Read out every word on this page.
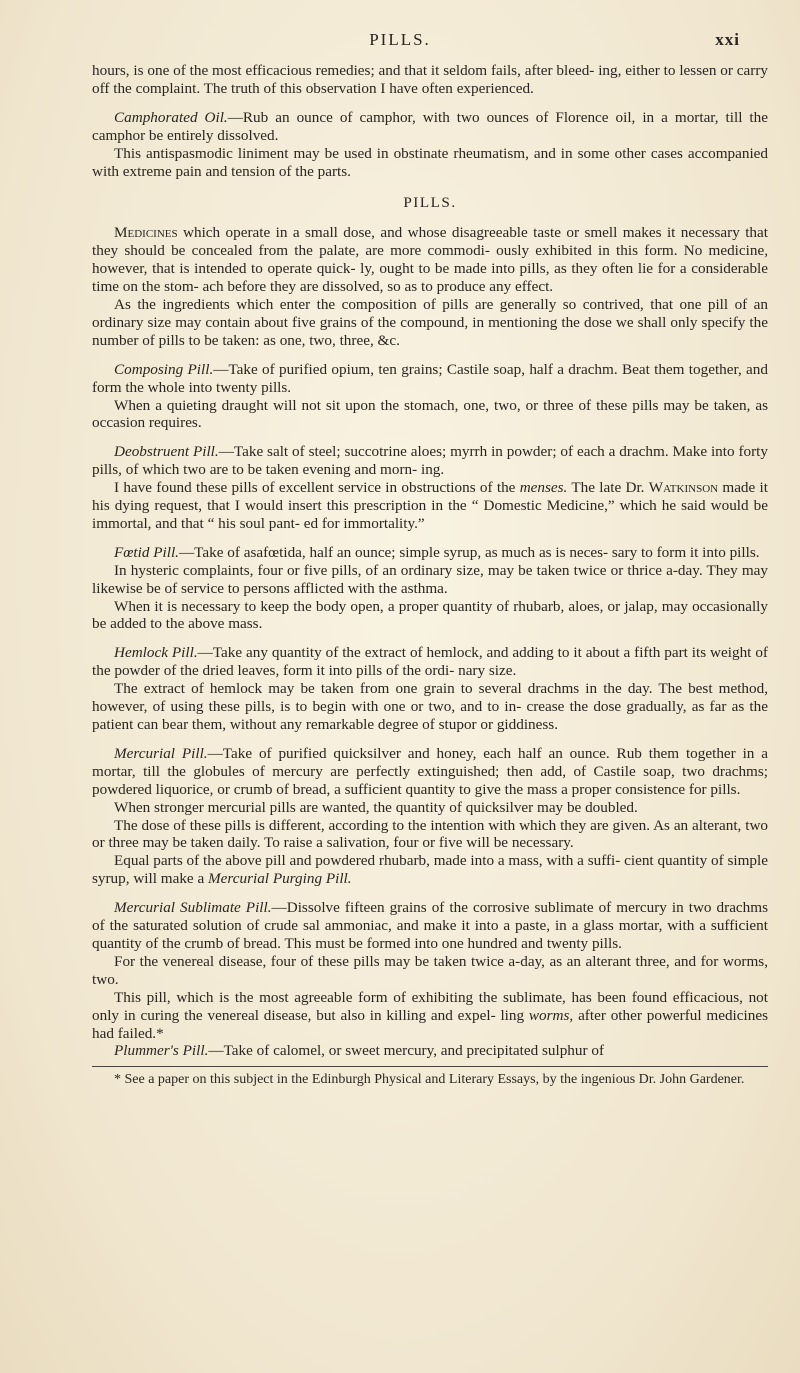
PILLS.	xxi

hours, is one of the most efficacious remedies; and that it seldom fails, after bleed- ing, either to lessen or carry off the complaint. The truth of this observation I have often experienced.

Camphorated Oil.—Rub an ounce of camphor, with two ounces of Florence oil, in a mortar, till the camphor be entirely dissolved.

This antispasmodic liniment may be used in obstinate rheumatism, and in some other cases accompanied with extreme pain and tension of the parts.

PILLS.

Medicines which operate in a small dose, and whose disagreeable taste or smell makes it necessary that they should be concealed from the palate, are more commodi- ously exhibited in this form. No medicine, however, that is intended to operate quick- ly, ought to be made into pills, as they often lie for a considerable time on the stom- ach before they are dissolved, so as to produce any effect.

As the ingredients which enter the composition of pills are generally so contrived, that one pill of an ordinary size may contain about five grains of the compound, in mentioning the dose we shall only specify the number of pills to be taken: as one, two, three, &c.

Composing Pill.—Take of purified opium, ten grains; Castile soap, half a drachm. Beat them together, and form the whole into twenty pills.

When a quieting draught will not sit upon the stomach, one, two, or three of these pills may be taken, as occasion requires.

Deobstruent Pill.—Take salt of steel; succotrine aloes; myrrh in powder; of each a drachm. Make into forty pills, of which two are to be taken evening and morn- ing.

I have found these pills of excellent service in obstructions of the menses. The late Dr. Watkinson made it his dying request, that I would insert this prescription in the “ Domestic Medicine,” which he said would be immortal, and that “ his soul pant- ed for immortality.”

Fœtid Pill.—Take of asafœtida, half an ounce; simple syrup, as much as is neces- sary to form it into pills.

In hysteric complaints, four or five pills, of an ordinary size, may be taken twice or thrice a-day. They may likewise be of service to persons afflicted with the asthma.

When it is necessary to keep the body open, a proper quantity of rhubarb, aloes, or jalap, may occasionally be added to the above mass.

Hemlock Pill.—Take any quantity of the extract of hemlock, and adding to it about a fifth part its weight of the powder of the dried leaves, form it into pills of the ordi- nary size.

The extract of hemlock may be taken from one grain to several drachms in the day. The best method, however, of using these pills, is to begin with one or two, and to in- crease the dose gradually, as far as the patient can bear them, without any remarkable degree of stupor or giddiness.

Mercurial Pill.—Take of purified quicksilver and honey, each half an ounce. Rub them together in a mortar, till the globules of mercury are perfectly extinguished; then add, of Castile soap, two drachms; powdered liquorice, or crumb of bread, a sufficient quantity to give the mass a proper consistence for pills.

When stronger mercurial pills are wanted, the quantity of quicksilver may be doubled.

The dose of these pills is different, according to the intention with which they are given. As an alterant, two or three may be taken daily. To raise a salivation, four or five will be necessary.

Equal parts of the above pill and powdered rhubarb, made into a mass, with a suffi- cient quantity of simple syrup, will make a Mercurial Purging Pill.

Mercurial Sublimate Pill.—Dissolve fifteen grains of the corrosive sublimate of mercury in two drachms of the saturated solution of crude sal ammoniac, and make it into a paste, in a glass mortar, with a sufficient quantity of the crumb of bread. This must be formed into one hundred and twenty pills.

For the venereal disease, four of these pills may be taken twice a-day, as an alterant three, and for worms, two.

This pill, which is the most agreeable form of exhibiting the sublimate, has been found efficacious, not only in curing the venereal disease, but also in killing and expel- ling worms, after other powerful medicines had failed.*

Plummer's Pill.—Take of calomel, or sweet mercury, and precipitated sulphur of

* See a paper on this subject in the Edinburgh Physical and Literary Essays, by the ingenious Dr. John Gardener.
